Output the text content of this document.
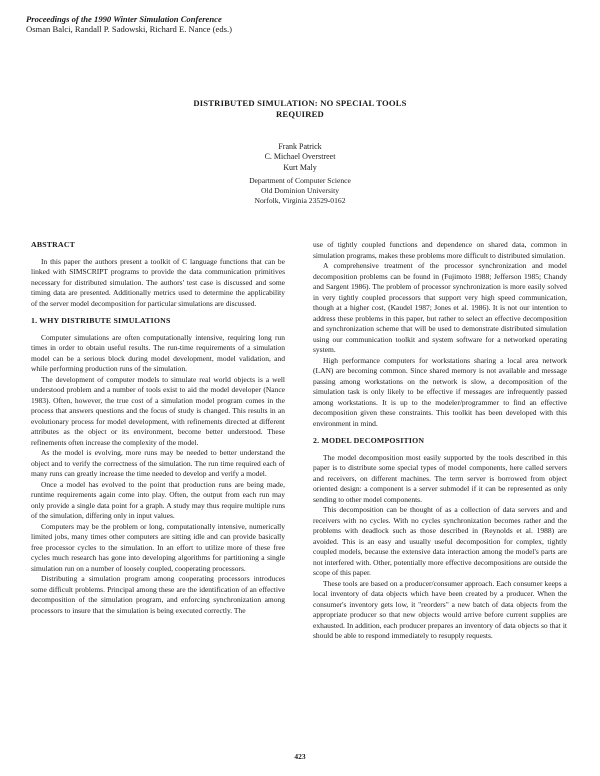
Proceedings of the 1990 Winter Simulation Conference
Osman Balci, Randall P. Sadowski, Richard E. Nance (eds.)
DISTRIBUTED SIMULATION: NO SPECIAL TOOLS
REQUIRED
Frank Patrick
C. Michael Overstreet
Kurt Maly
Department of Computer Science
Old Dominion University
Norfolk, Virginia 23529-0162
ABSTRACT

In this paper the authors present a toolkit of C language functions that can be linked with SIMSCRIPT programs to provide the data communication primitives necessary for distributed simulation. The authors' test case is discussed and some timing data are presented. Additionally metrics used to determine the applicability of the server model decomposition for particular simulations are discussed.

1. WHY DISTRIBUTE SIMULATIONS

Computer simulations are often computationally intensive, requiring long run times in order to obtain useful results. The run-time requirements of a simulation model can be a serious block during model development, model validation, and while performing production runs of the simulation.

The development of computer models to simulate real world objects is a well understood problem and a number of tools exist to aid the model developer (Nance 1983). Often, however, the true cost of a simulation model program comes in the process that answers questions and the focus of study is changed. This results in an evolutionary process for model development, with refinements directed at different attributes as the object or its environment, become better understood. These refinements often increase the complexity of the model.

As the model is evolving, more runs may be needed to better understand the object and to verify the correctness of the simulation. The run time required each of many runs can greatly increase the time needed to develop and verify a model.

Once a model has evolved to the point that production runs are being made, runtime requirements again come into play. Often, the output from each run may only provide a single data point for a graph. A study may thus require multiple runs of the simulation, differing only in input values.

Computers may be the problem or long, computationally intensive, numerically limited jobs, many times other computers are sitting idle and can provide basically free processor cycles to the simulation. In an effort to utilize more of these free cycles much research has gone into developing algorithms for partitioning a single simulation run on a number of loosely coupled, cooperating processors.

Distributing a simulation program among cooperating processors introduces some difficult problems. Principal among these are the identification of an effective decomposition of the simulation program, and enforcing synchronization among processors to insure that the simulation is being executed correctly. The

use of tightly coupled functions and dependence on shared data, common in simulation programs, makes these problems more difficult to distributed simulation.

A comprehensive treatment of the processor synchronization and model decomposition problems can be found in (Fujimoto 1988; Jefferson 1985; Chandy and Sargent 1986). The problem of processor synchronization is more easily solved in very tightly coupled processors that support very high speed communication, though at a higher cost, (Kaudel 1987; Jones et al. 1986). It is not our intention to address these problems in this paper, but rather to select an effective decomposition and synchronization scheme that will be used to demonstrate distributed simulation using our communication toolkit and system software for a networked operating system.

High performance computers for workstations sharing a local area network (LAN) are becoming common. Since shared memory is not available and message passing among workstations on the network is slow, a decomposition of the simulation task is only likely to be effective if messages are infrequently passed among workstations. It is up to the modeler/programmer to find an effective decomposition given these constraints. This toolkit has been developed with this environment in mind.

2. MODEL DECOMPOSITION

The model decomposition most easily supported by the tools described in this paper is to distribute some special types of model components, here called servers and receivers, on different machines. The term server is borrowed from object oriented design: a component is a server submodel if it can be represented as only sending to other model components.

This decomposition can be thought of as a collection of data servers and and receivers with no cycles. With no cycles synchronization becomes rather and the problems with deadlock such as those described in (Reynolds et al. 1988) are avoided. This is an easy and usually useful decomposition for complex, tightly coupled models, because the extensive data interaction among the model's parts are not interfered with. Other, potentially more effective decompositions are outside the scope of this paper.

These tools are based on a producer/consumer approach. Each consumer keeps a local inventory of data objects which have been created by a producer. When the consumer's inventory gets low, it "reorders" a new batch of data objects from the appropriate producer so that new objects would arrive before current supplies are exhausted. In addition, each producer prepares an inventory of data objects so that it should be able to respond immediately to resupply requests.

423
